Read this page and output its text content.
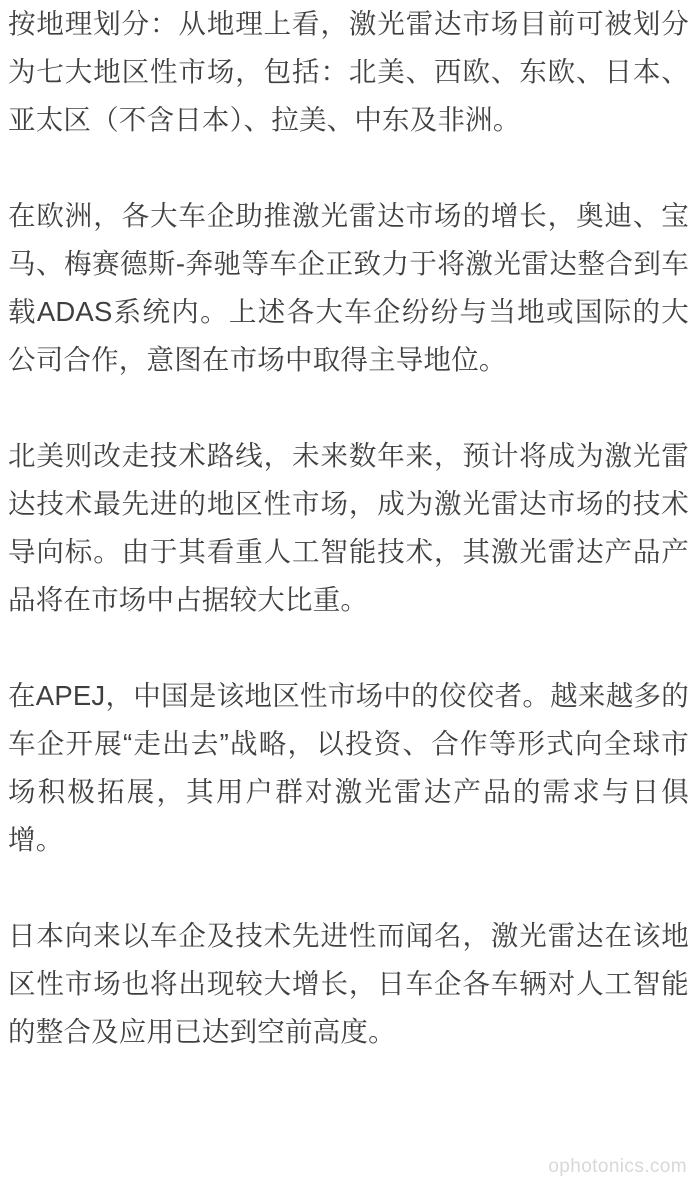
按地理划分：从地理上看，激光雷达市场目前可被划分为七大地区性市场，包括：北美、西欧、东欧、日本、亚太区（不含日本）、拉美、中东及非洲。

在欧洲，各大车企助推激光雷达市场的增长，奥迪、宝马、梅赛德斯-奔驰等车企正致力于将激光雷达整合到车载ADAS系统内。上述各大车企纷纷与当地或国际的大公司合作，意图在市场中取得主导地位。

北美则改走技术路线，未来数年来，预计将成为激光雷达技术最先进的地区性市场，成为激光雷达市场的技术导向标。由于其看重人工智能技术，其激光雷达产品产品将在市场中占据较大比重。

在APEJ，中国是该地区性市场中的佼佼者。越来越多的车企开展“走出去”战略，以投资、合作等形式向全球市场积极拓展，其用户群对激光雷达产品的需求与日俱增。

日本向来以车企及技术先进性而闻名，激光雷达在该地区性市场也将出现较大增长，日车企各车辆对人工智能的整合及应用已达到空前高度。

ophotonics.com
